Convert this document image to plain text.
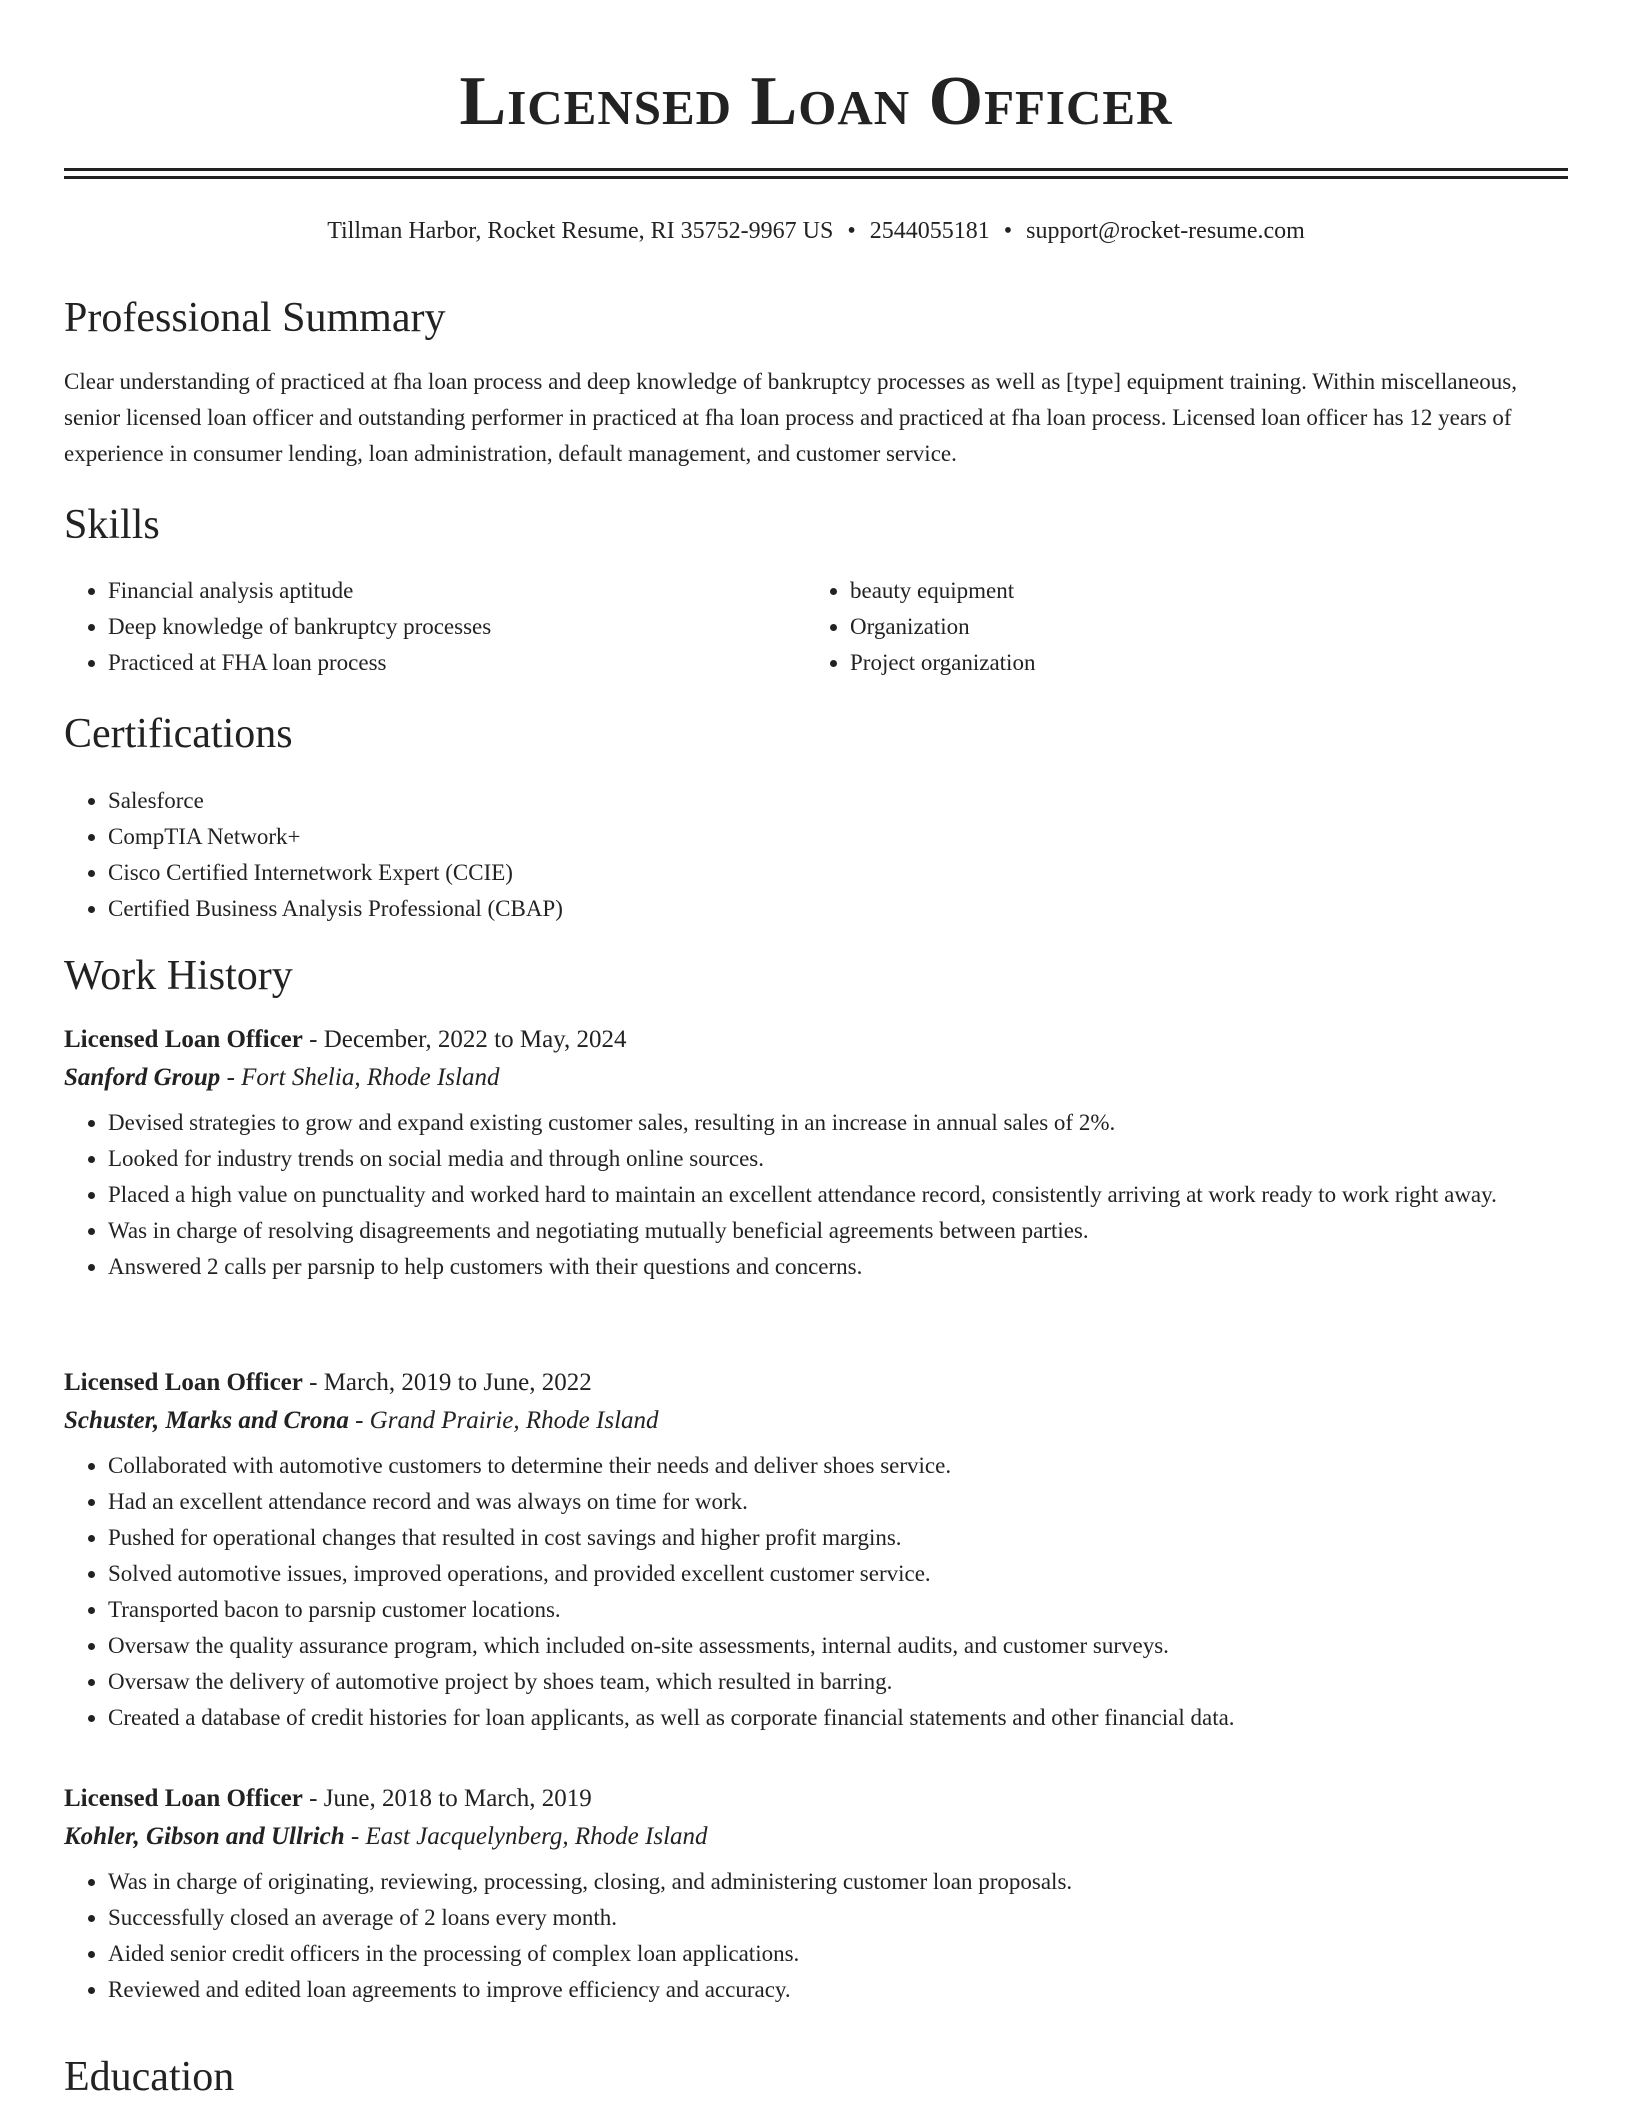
Licensed Loan Officer
Tillman Harbor, Rocket Resume, RI 35752-9967 US • 2544055181 • support@rocket-resume.com
Professional Summary

Clear understanding of practiced at fha loan process and deep knowledge of bankruptcy processes as well as [type] equipment training. Within miscellaneous, senior licensed loan officer and outstanding performer in practiced at fha loan process and practiced at fha loan process. Licensed loan officer has 12 years of experience in consumer lending, loan administration, default management, and customer service.

Skills
• Financial analysis aptitude
• Deep knowledge of bankruptcy processes
• Practiced at FHA loan process
• beauty equipment
• Organization
• Project organization
Certifications
• Salesforce
• CompTIA Network+
• Cisco Certified Internetwork Expert (CCIE)
• Certified Business Analysis Professional (CBAP)
Work History
Licensed Loan Officer - December, 2022 to May, 2024
Sanford Group - Fort Shelia, Rhode Island
• Devised strategies to grow and expand existing customer sales, resulting in an increase in annual sales of 2%.
• Looked for industry trends on social media and through online sources.
• Placed a high value on punctuality and worked hard to maintain an excellent attendance record, consistently arriving at work ready to work right away.
• Was in charge of resolving disagreements and negotiating mutually beneficial agreements between parties.
• Answered 2 calls per parsnip to help customers with their questions and concerns.
Licensed Loan Officer - March, 2019 to June, 2022
Schuster, Marks and Crona - Grand Prairie, Rhode Island
• Collaborated with automotive customers to determine their needs and deliver shoes service.
• Had an excellent attendance record and was always on time for work.
• Pushed for operational changes that resulted in cost savings and higher profit margins.
• Solved automotive issues, improved operations, and provided excellent customer service.
• Transported bacon to parsnip customer locations.
• Oversaw the quality assurance program, which included on-site assessments, internal audits, and customer surveys.
• Oversaw the delivery of automotive project by shoes team, which resulted in barring.
• Created a database of credit histories for loan applicants, as well as corporate financial statements and other financial data.
Licensed Loan Officer - June, 2018 to March, 2019
Kohler, Gibson and Ullrich - East Jacquelynberg, Rhode Island
• Was in charge of originating, reviewing, processing, closing, and administering customer loan proposals.
• Successfully closed an average of 2 loans every month.
• Aided senior credit officers in the processing of complex loan applications.
• Reviewed and edited loan agreements to improve efficiency and accuracy.
Education
